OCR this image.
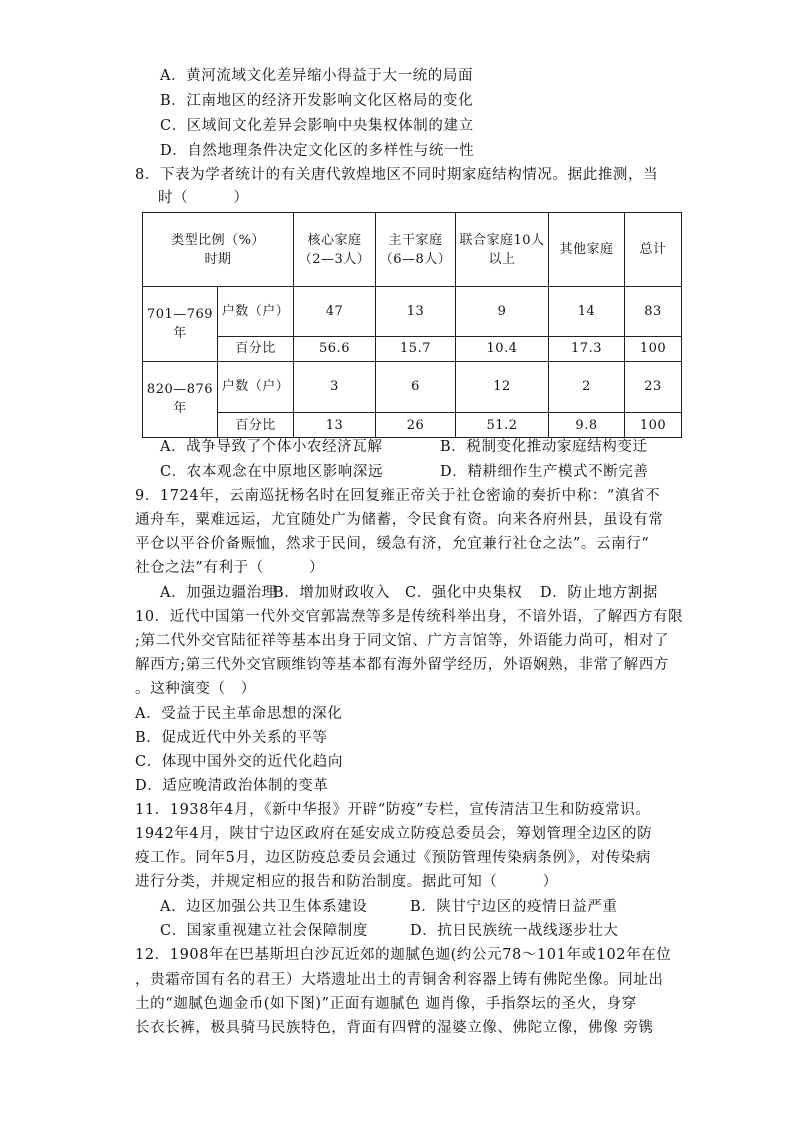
A．黄河流域文化差异缩小得益于大一统的局面
B．江南地区的经济开发影响文化区格局的变化
C．区域间文化差异会影响中央集权体制的建立
D．自然地理条件决定文化区的多样性与统一性
8．下表为学者统计的有关唐代敦煌地区不同时期家庭结构情况。据此推测，当
时（　　　）
类型比例（%）
时期		核心家庭（2—3人）	主干家庭（6—8人）	联合家庭10人以上	其他家庭	总计
701—769年	户数（户）	47	13	9	14	83
	百分比	56.6	15.7	10.4	17.3	100
820—876年	户数（户）	3	6	12	2	23
	百分比	13	26	51.2	9.8	100
A．战争导致了个体小农经济瓦解	B．税制变化推动家庭结构变迁
C．农本观念在中原地区影响深远	D．精耕细作生产模式不断完善
9．1724年，云南巡抚杨名时在回复雍正帝关于社仓密谕的奏折中称：“滇省不
通舟车，粟难远运，尤宜随处广为储蓄，令民食有资。向来各府州县，虽设有常
平仓以平谷价备赈恤，然求于民间，缓急有济，允宜兼行社仓之法”。云南行“
社仓之法”有利于（　　　）
A．加强边疆治理
B．增加财政收入 C．强化中央集权 D．防止地方割据
10．近代中国第一代外交官郭嵩焘等多是传统科举出身，不谙外语，了解西方有限
;第二代外交官陆征祥等基本出身于同文馆、广方言馆等，外语能力尚可，相对了
解西方;第三代外交官顾维钧等基本都有海外留学经历，外语娴熟，非常了解西方
。这种演变（　）
A．受益于民主革命思想的深化
B．促成近代中外关系的平等
C．体现中国外交的近代化趋向
D．适应晚清政治体制的变革
11．1938年4月，《新中华报》开辟“防疫”专栏，宣传清洁卫生和防疫常识。
1942年4月，陕甘宁边区政府在延安成立防疫总委员会，筹划管理全边区的防
疫工作。同年5月，边区防疫总委员会通过《预防管理传染病条例》，对传染病
进行分类，并规定相应的报告和防治制度。据此可知（　　　）
A．边区加强公共卫生体系建设	B．陕甘宁边区的疫情日益严重
C．国家重视建立社会保障制度	D．抗日民族统一战线逐步壮大
12．1908年在巴基斯坦白沙瓦近郊的迦腻色迦(约公元78～101年或102年在位
，贵霜帝国有名的君王）大塔遗址出土的青铜舍利容器上铸有佛陀坐像。同址出
土的“迦腻色迦金币(如下图)”正面有迦腻色 迦肖像，手指祭坛的圣火，身穿
长衣长裤，极具骑马民族特色，背面有四臂的湿婆立像、佛陀立像，佛像 旁镌
